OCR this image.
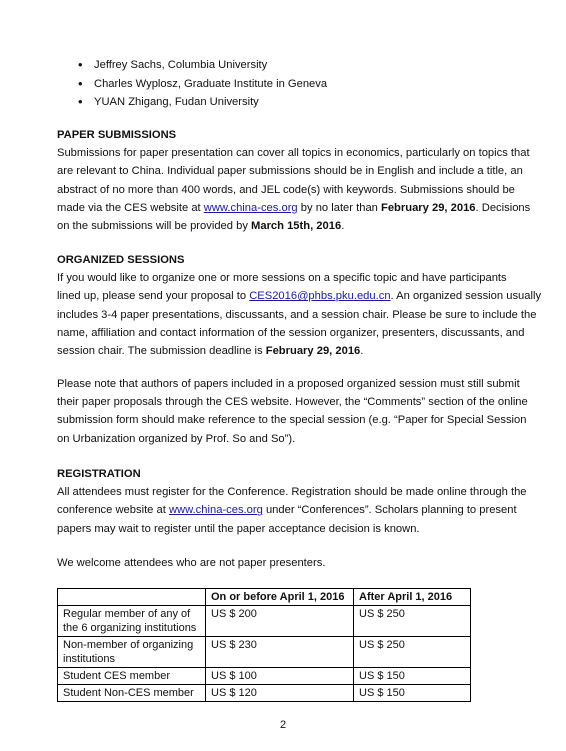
• Jeffrey Sachs, Columbia University
• Charles Wyplosz, Graduate Institute in Geneva
• YUAN Zhigang, Fudan University
PAPER SUBMISSIONS
Submissions for paper presentation can cover all topics in economics, particularly on topics that
are relevant to China. Individual paper submissions should be in English and include a title, an
abstract of no more than 400 words, and JEL code(s) with keywords. Submissions should be
made via the CES website at www.china-ces.org by no later than February 29, 2016. Decisions
on the submissions will be provided by March 15th, 2016.
ORGANIZED SESSIONS
If you would like to organize one or more sessions on a specific topic and have participants
lined up, please send your proposal to CES2016@phbs.pku.edu.cn. An organized session usually
includes 3-4 paper presentations, discussants, and a session chair. Please be sure to include the
name, affiliation and contact information of the session organizer, presenters, discussants, and
session chair. The submission deadline is February 29, 2016.
Please note that authors of papers included in a proposed organized session must still submit
their paper proposals through the CES website. However, the “Comments” section of the online
submission form should make reference to the special session (e.g. “Paper for Special Session
on Urbanization organized by Prof. So and So”).
REGISTRATION
All attendees must register for the Conference. Registration should be made online through the
conference website at www.china-ces.org under “Conferences”. Scholars planning to present
papers may wait to register until the paper acceptance decision is known.
We welcome attendees who are not paper presenters.
	On or before April 1, 2016	After April 1, 2016
Regular member of any of the 6 organizing institutions	US $ 200	US $ 250
Non-member of organizing institutions	US $ 230	US $ 250
Student CES member	US $ 100	US $ 150
Student Non-CES member	US $ 120	US $ 150
2
